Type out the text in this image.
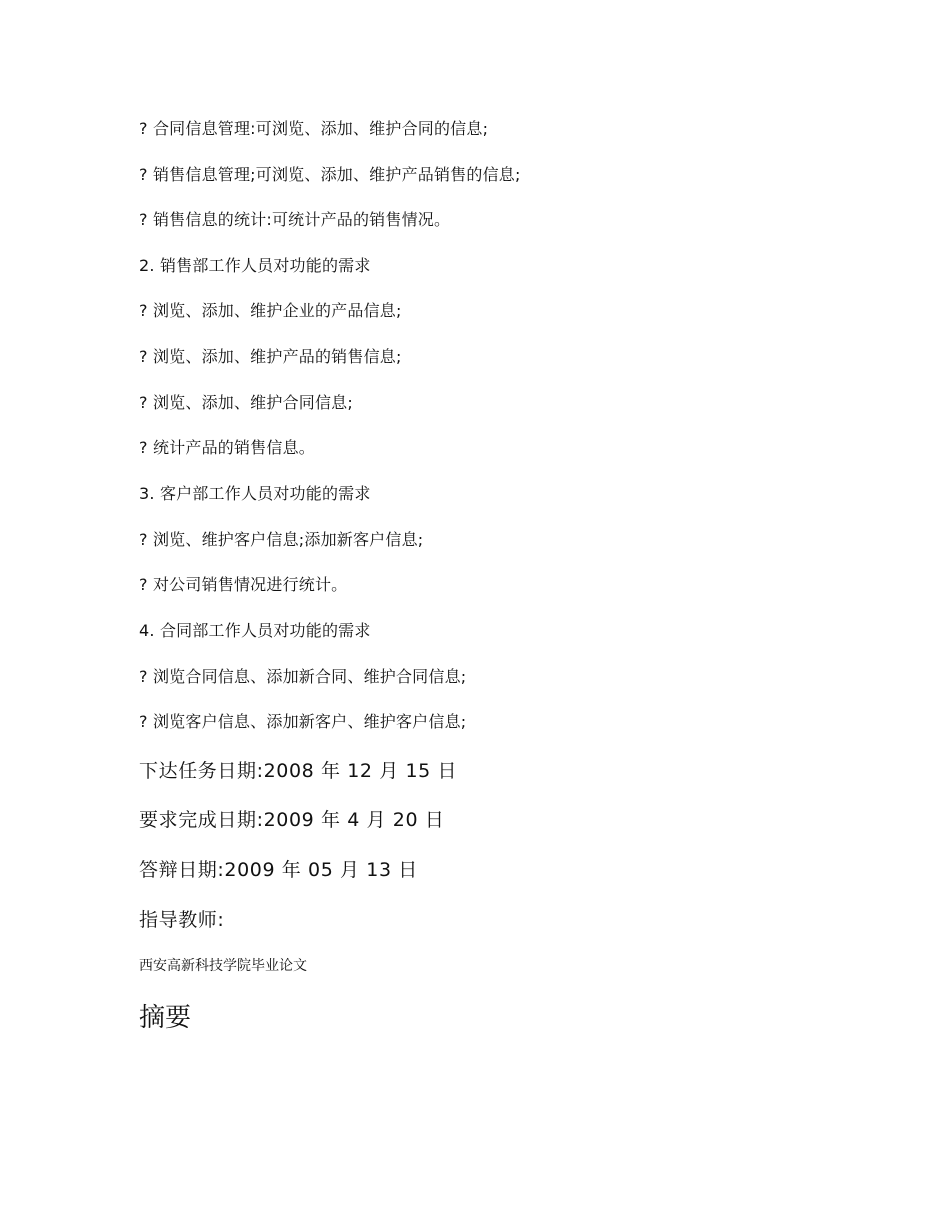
? 合同信息管理:可浏览、添加、维护合同的信息;
? 销售信息管理;可浏览、添加、维护产品销售的信息;
? 销售信息的统计:可统计产品的销售情况。
2. 销售部工作人员对功能的需求
? 浏览、添加、维护企业的产品信息;
? 浏览、添加、维护产品的销售信息;
? 浏览、添加、维护合同信息;
? 统计产品的销售信息。
3. 客户部工作人员对功能的需求
? 浏览、维护客户信息;添加新客户信息;
? 对公司销售情况进行统计。
4. 合同部工作人员对功能的需求
? 浏览合同信息、添加新合同、维护合同信息;
? 浏览客户信息、添加新客户、维护客户信息;
下达任务日期:2008 年 12 月 15 日
要求完成日期:2009 年 4 月 20 日
答辩日期:2009 年 05 月 13 日
指导教师:
西安高新科技学院毕业论文
摘要
